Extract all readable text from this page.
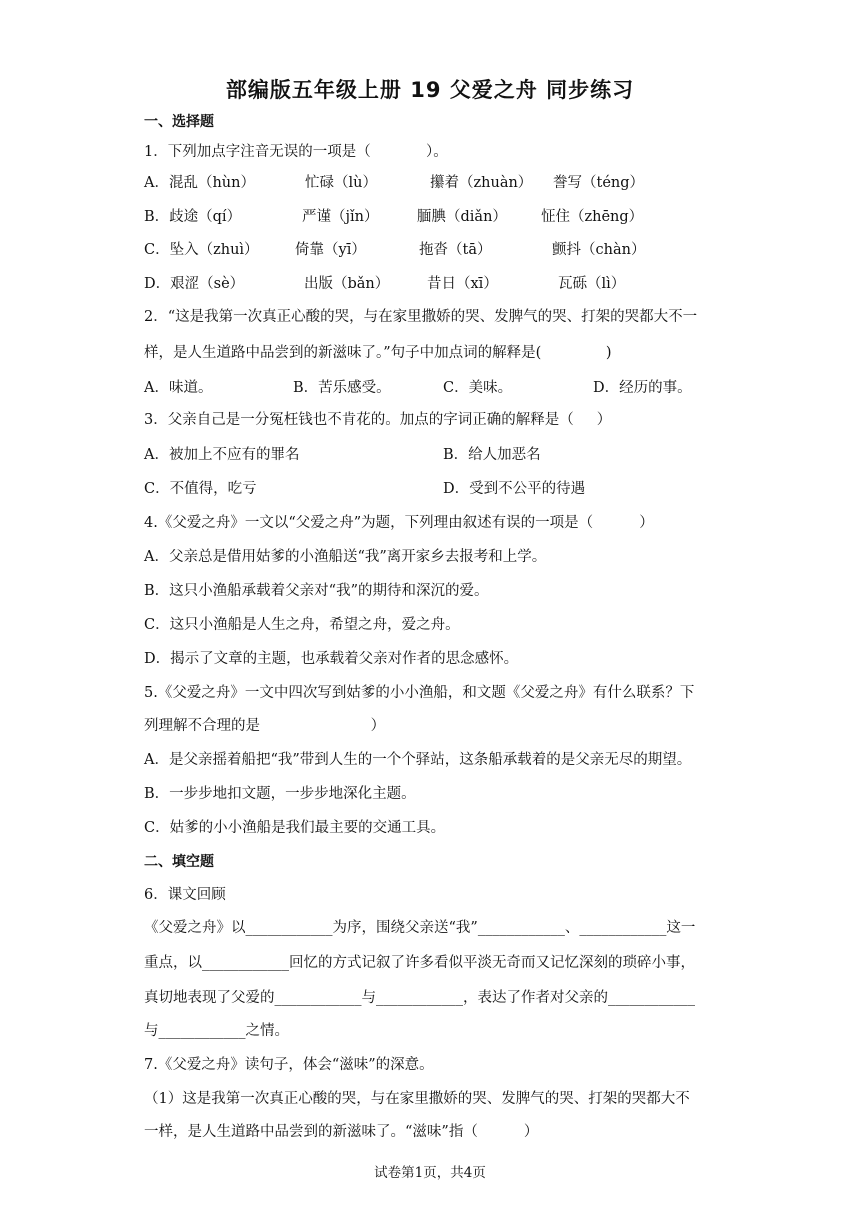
部编版五年级上册 19 父爱之舟 同步练习
一、选择题
1．下列加点字注音无误的一项是（            ）。
A．混乱（hùn）	忙碌（lù）	攥着（zhuàn） 誊写（téng）
B．歧途（qí）	严谨（jǐn）	腼腆（diǎn） 怔住（zhēng）
C．坠入（zhuì）	倚靠（yī）	拖沓（tā）	颤抖（chàn）
D．艰涩（sè）	出版（bǎn）	昔日（xī）	瓦砾（lì）
2．“这是我第一次真正心酸的哭，与在家里撒娇的哭、发脾气的哭、打架的哭都大不一
样，是人生道路中品尝到的新滋味了。”句子中加点词的解释是(              )
A．味道。	B．苦乐感受。	C．美味。	D．经历的事。
3．父亲自己是一分冤枉钱也不肯花的。加点的字词正确的解释是（     ）
A．被加上不应有的罪名	B．给人加恶名
C．不值得，吃亏	D．受到不公平的待遇
4.《父爱之舟》一文以“父爱之舟”为题，下列理由叙述有误的一项是（          ）
A．父亲总是借用姑爹的小渔船送“我”离开家乡去报考和上学。
B．这只小渔船承载着父亲对“我”的期待和深沉的爱。
C．这只小渔船是人生之舟，希望之舟，爱之舟。
D．揭示了文章的主题，也承载着父亲对作者的思念感怀。
5.《父爱之舟》一文中四次写到姑爹的小小渔船，和文题《父爱之舟》有什么联系？下
列理解不合理的是                        ）
A．是父亲摇着船把“我”带到人生的一个个驿站，这条船承载着的是父亲无尽的期望。
B．一步步地扣文题，一步步地深化主题。
C．姑爹的小小渔船是我们最主要的交通工具。
二、填空题
6．课文回顾
《父爱之舟》以____________为序，围绕父亲送“我”____________、____________这一
重点，以____________回忆的方式记叙了许多看似平淡无奇而又记忆深刻的琐碎小事，
真切地表现了父爱的____________与____________，表达了作者对父亲的____________
与____________之情。
7.《父爱之舟》读句子，体会“滋味”的深意。
（1）这是我第一次真正心酸的哭，与在家里撒娇的哭、发脾气的哭、打架的哭都大不
一样，是人生道路中品尝到的新滋味了。“滋味”指（          ）
试卷第1页，共4页
